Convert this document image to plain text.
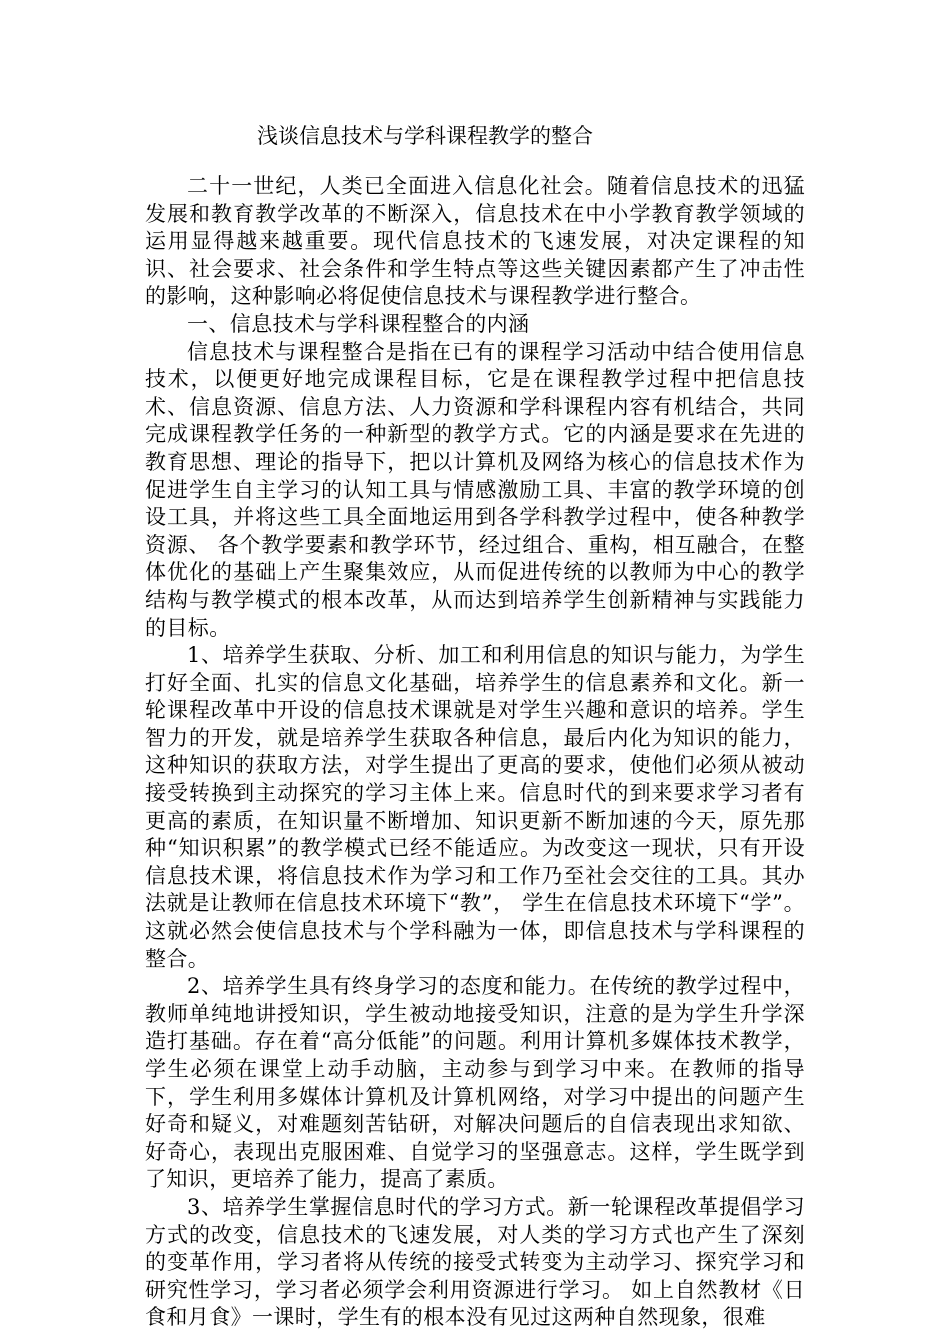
浅谈信息技术与学科课程教学的整合

二十一世纪，人类已全面进入信息化社会。随着信息技术的迅猛发展和教育教学改革的不断深入，信息技术在中小学教育教学领域的运用显得越来越重要。现代信息技术的飞速发展，对决定课程的知识、社会要求、社会条件和学生特点等这些关键因素都产生了冲击性的影响，这种影响必将促使信息技术与课程教学进行整合。

一、信息技术与学科课程整合的内涵

信息技术与课程整合是指在已有的课程学习活动中结合使用信息技术，以便更好地完成课程目标，它是在课程教学过程中把信息技术、信息资源、信息方法、人力资源和学科课程内容有机结合，共同完成课程教学任务的一种新型的教学方式。它的内涵是要求在先进的教育思想、理论的指导下，把以计算机及网络为核心的信息技术作为促进学生自主学习的认知工具与情感激励工具、丰富的教学环境的创设工具，并将这些工具全面地运用到各学科教学过程中，使各种教学资源、 各个教学要素和教学环节，经过组合、重构，相互融合，在整体优化的基础上产生聚集效应，从而促进传统的以教师为中心的教学结构与教学模式的根本改革，从而达到培养学生创新精神与实践能力的目标。

1、培养学生获取、分析、加工和利用信息的知识与能力，为学生打好全面、扎实的信息文化基础，培养学生的信息素养和文化。新一轮课程改革中开设的信息技术课就是对学生兴趣和意识的培养。学生智力的开发，就是培养学生获取各种信息，最后内化为知识的能力，这种知识的获取方法，对学生提出了更高的要求，使他们必须从被动接受转换到主动探究的学习主体上来。信息时代的到来要求学习者有更高的素质，在知识量不断增加、知识更新不断加速的今天，原先那种“知识积累”的教学模式已经不能适应。为改变这一现状，只有开设信息技术课，将信息技术作为学习和工作乃至社会交往的工具。其办法就是让教师在信息技术环境下“教”， 学生在信息技术环境下“学”。这就必然会使信息技术与个学科融为一体，即信息技术与学科课程的整合。

2、培养学生具有终身学习的态度和能力。在传统的教学过程中，教师单纯地讲授知识，学生被动地接受知识，注意的是为学生升学深造打基础。存在着“高分低能”的问题。利用计算机多媒体技术教学，学生必须在课堂上动手动脑，主动参与到学习中来。在教师的指导下，学生利用多媒体计算机及计算机网络，对学习中提出的问题产生好奇和疑义，对难题刻苦钻研，对解决问题后的自信表现出求知欲、好奇心，表现出克服困难、自觉学习的坚强意志。这样，学生既学到了知识，更培养了能力，提高了素质。

3、培养学生掌握信息时代的学习方式。新一轮课程改革提倡学习方式的改变，信息技术的飞速发展，对人类的学习方式也产生了深刻的变革作用，学习者将从传统的接受式转变为主动学习、探究学习和研究性学习，学习者必须学会利用资源进行学习。 如上自然教材《日食和月食》一课时，学生有的根本没有见过这两种自然现象，很难
